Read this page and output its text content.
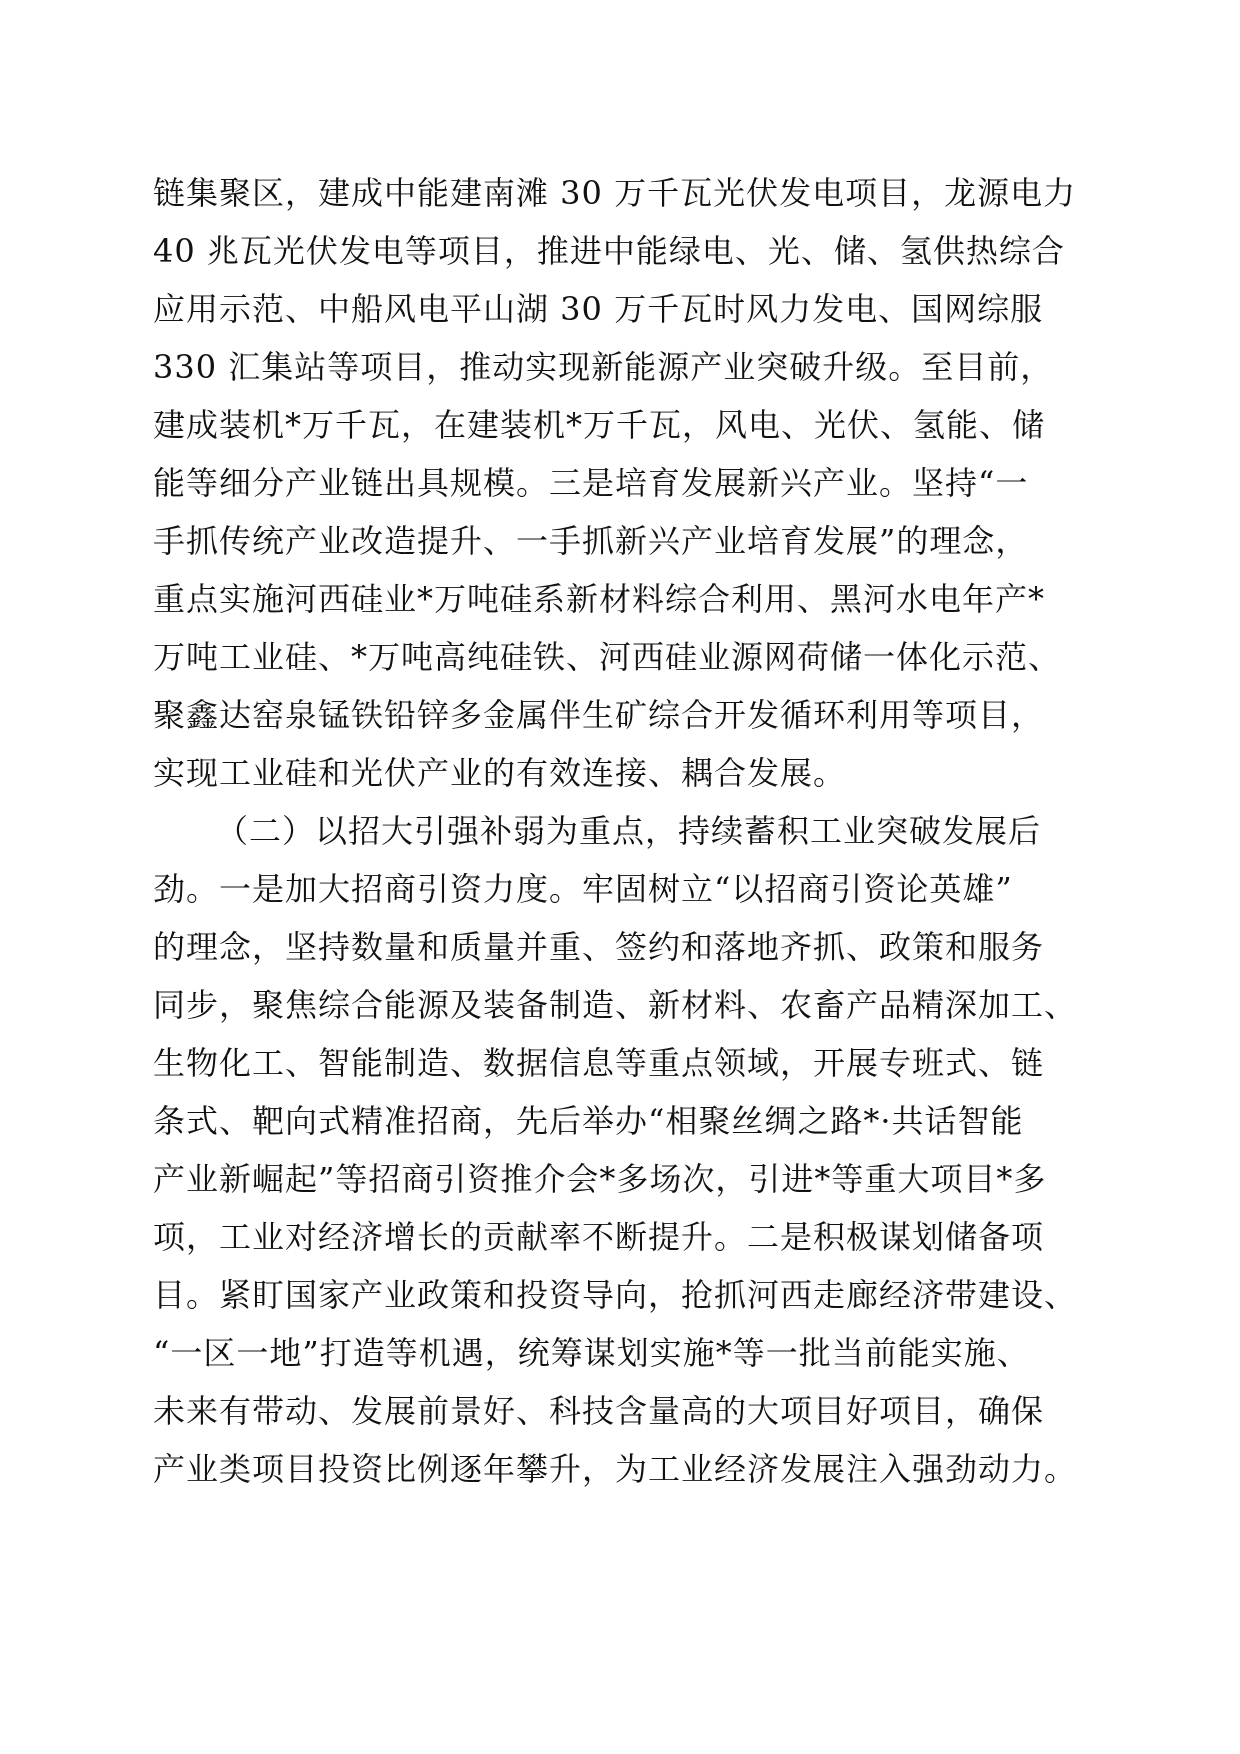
链集聚区，建成中能建南滩 30 万千瓦光伏发电项目，龙源电力
40 兆瓦光伏发电等项目，推进中能绿电、光、储、氢供热综合
应用示范、中船风电平山湖 30 万千瓦时风力发电、国网综服
330 汇集站等项目，推动实现新能源产业突破升级。至目前，
建成装机*万千瓦，在建装机*万千瓦，风电、光伏、氢能、储
能等细分产业链出具规模。三是培育发展新兴产业。坚持“一
手抓传统产业改造提升、一手抓新兴产业培育发展”的理念，
重点实施河西硅业*万吨硅系新材料综合利用、黑河水电年产*
万吨工业硅、*万吨高纯硅铁、河西硅业源网荷储一体化示范、
聚鑫达窑泉锰铁铅锌多金属伴生矿综合开发循环利用等项目，
实现工业硅和光伏产业的有效连接、耦合发展。
（二）以招大引强补弱为重点，持续蓄积工业突破发展后
劲。一是加大招商引资力度。牢固树立“以招商引资论英雄”
的理念，坚持数量和质量并重、签约和落地齐抓、政策和服务
同步，聚焦综合能源及装备制造、新材料、农畜产品精深加工、
生物化工、智能制造、数据信息等重点领域，开展专班式、链
条式、靶向式精准招商，先后举办“相聚丝绸之路*·共话智能
产业新崛起”等招商引资推介会*多场次，引进*等重大项目*多
项，工业对经济增长的贡献率不断提升。二是积极谋划储备项
目。紧盯国家产业政策和投资导向，抢抓河西走廊经济带建设、
“一区一地”打造等机遇，统筹谋划实施*等一批当前能实施、
未来有带动、发展前景好、科技含量高的大项目好项目，确保
产业类项目投资比例逐年攀升，为工业经济发展注入强劲动力。
